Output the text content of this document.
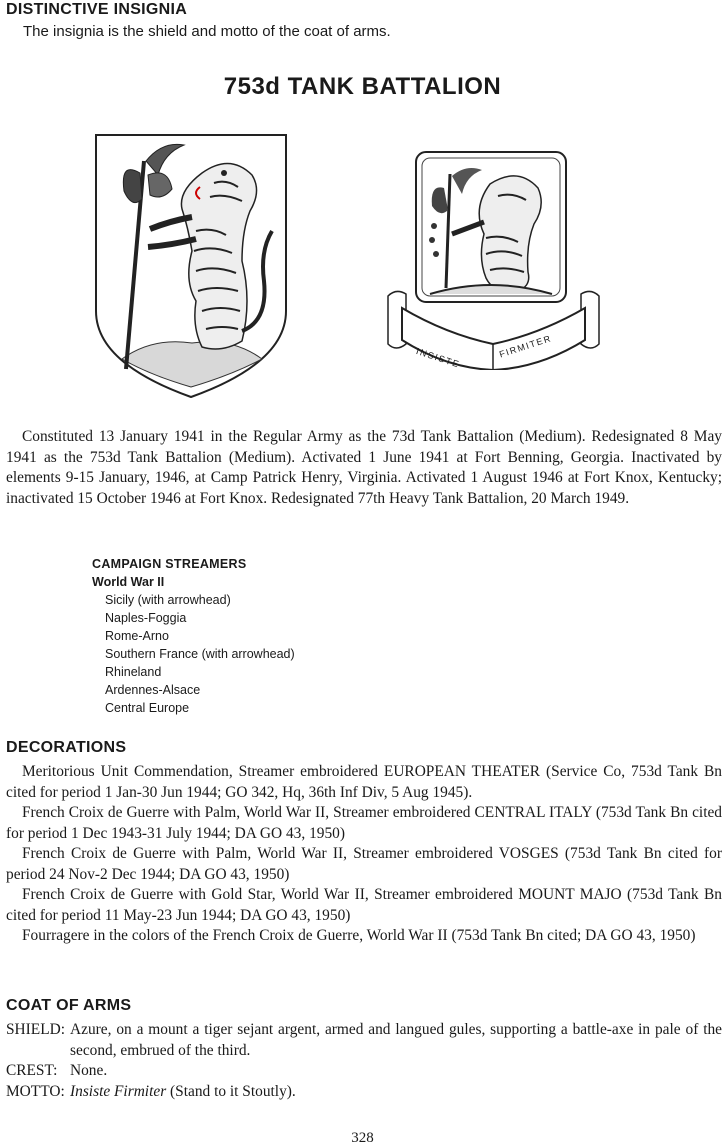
DISTINCTIVE INSIGNIA
The insignia is the shield and motto of the coat of arms.
753d TANK BATTALION
INSISTE	FIRMITER

Constituted 13 January 1941 in the Regular Army as the 73d Tank Battalion (Medium). Redesignated 8 May 1941 as the 753d Tank Battalion (Medium). Activated 1 June 1941 at Fort Benning, Georgia. Inactivated by elements 9-15 January, 1946, at Camp Patrick Henry, Virginia. Activated 1 August 1946 at Fort Knox, Kentucky; inactivated 15 October 1946 at Fort Knox. Redesignated 77th Heavy Tank Battalion, 20 March 1949.

CAMPAIGN STREAMERS
World War II
Sicily (with arrowhead)
Naples-Foggia
Rome-Arno
Southern France (with arrowhead)
Rhineland
Ardennes-Alsace
Central Europe
DECORATIONS

Meritorious Unit Commendation, Streamer embroidered EUROPEAN THEATER (Service Co, 753d Tank Bn cited for period 1 Jan-30 Jun 1944; GO 342, Hq, 36th Inf Div, 5 Aug 1945).

French Croix de Guerre with Palm, World War II, Streamer embroidered CENTRAL ITALY (753d Tank Bn cited for period 1 Dec 1943-31 July 1944; DA GO 43, 1950)

French Croix de Guerre with Palm, World War II, Streamer embroidered VOSGES (753d Tank Bn cited for period 24 Nov-2 Dec 1944; DA GO 43, 1950)

French Croix de Guerre with Gold Star, World War II, Streamer embroidered MOUNT MAJO (753d Tank Bn cited for period 11 May-23 Jun 1944; DA GO 43, 1950)

Fourragere in the colors of the French Croix de Guerre, World War II (753d Tank Bn cited; DA GO 43, 1950)

COAT OF ARMS
SHIELD: Azure, on a mount a tiger sejant argent, armed and langued gules, supporting a battle-axe in pale of the second, embrued of the third.
CREST: None.
MOTTO: Insiste Firmiter (Stand to it Stoutly).
328
